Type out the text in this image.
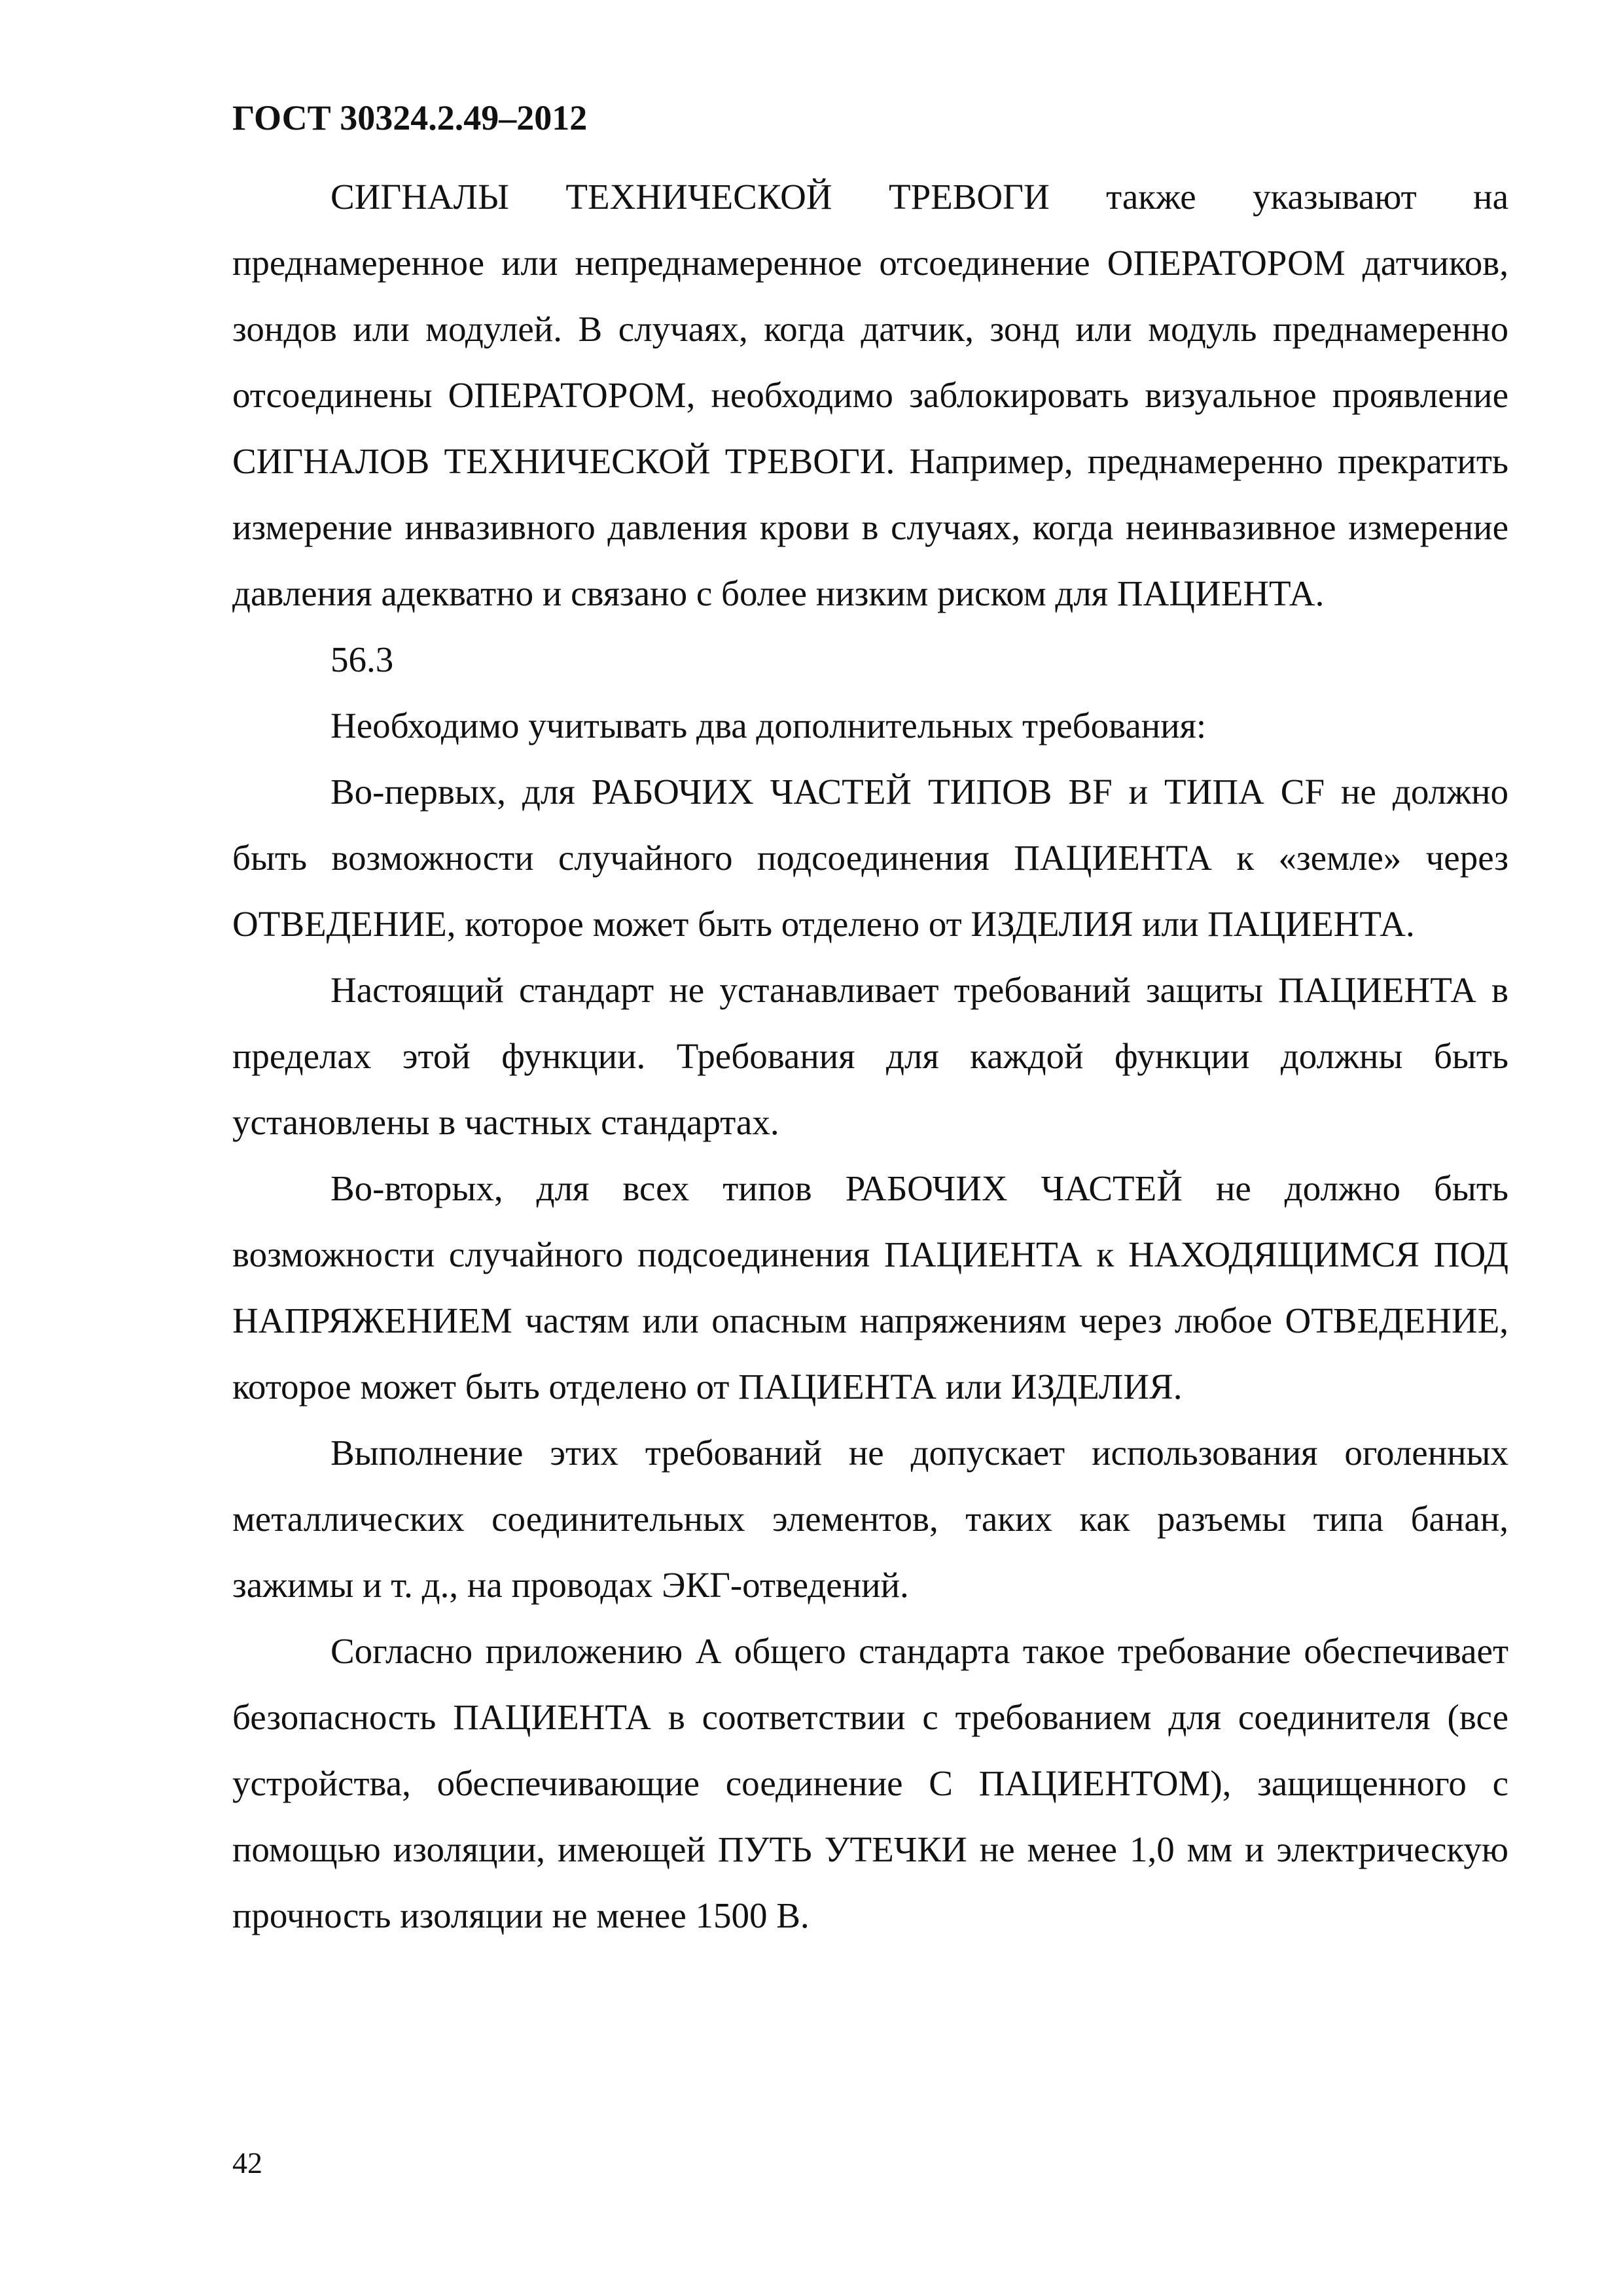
ГОСТ 30324.2.49–2012

СИГНАЛЫ ТЕХНИЧЕСКОЙ ТРЕВОГИ также указывают на преднамеренное или непреднамеренное отсоединение ОПЕРАТОРОМ датчиков, зондов или модулей. В случаях, когда датчик, зонд или модуль преднамеренно отсоединены ОПЕРАТОРОМ, необходимо заблокировать визуальное проявление СИГНАЛОВ ТЕХНИЧЕСКОЙ ТРЕВОГИ. Например, преднамеренно прекратить измерение инвазивного давления крови в случаях, когда неинвазивное измерение давления адекватно и связано с более низким риском для ПАЦИЕНТА.

56.3

Необходимо учитывать два дополнительных требования:

Во-первых, для РАБОЧИХ ЧАСТЕЙ ТИПОВ BF и ТИПА CF не должно быть возможности случайного подсоединения ПАЦИЕНТА к «земле» через ОТВЕДЕНИЕ, которое может быть отделено от ИЗДЕЛИЯ или ПАЦИЕНТА.

Настоящий стандарт не устанавливает требований защиты ПАЦИЕНТА в пределах этой функции. Требования для каждой функции должны быть установлены в частных стандартах.

Во-вторых, для всех типов РАБОЧИХ ЧАСТЕЙ не должно быть возможности случайного подсоединения ПАЦИЕНТА к НАХОДЯЩИМСЯ ПОД НАПРЯЖЕНИЕМ частям или опасным напряжениям через любое ОТВЕДЕНИЕ, которое может быть отделено от ПАЦИЕНТА или ИЗДЕЛИЯ.

Выполнение этих требований не допускает использования оголенных металлических соединительных элементов, таких как разъемы типа банан, зажимы и т. д., на проводах ЭКГ-отведений.

Согласно приложению А общего стандарта такое требование обеспечивает безопасность ПАЦИЕНТА в соответствии с требованием для соединителя (все устройства, обеспечивающие соединение С ПАЦИЕНТОМ), защищенного с помощью изоляции, имеющей ПУТЬ УТЕЧКИ не менее 1,0 мм и электрическую прочность изоляции не менее 1500 В.

42
